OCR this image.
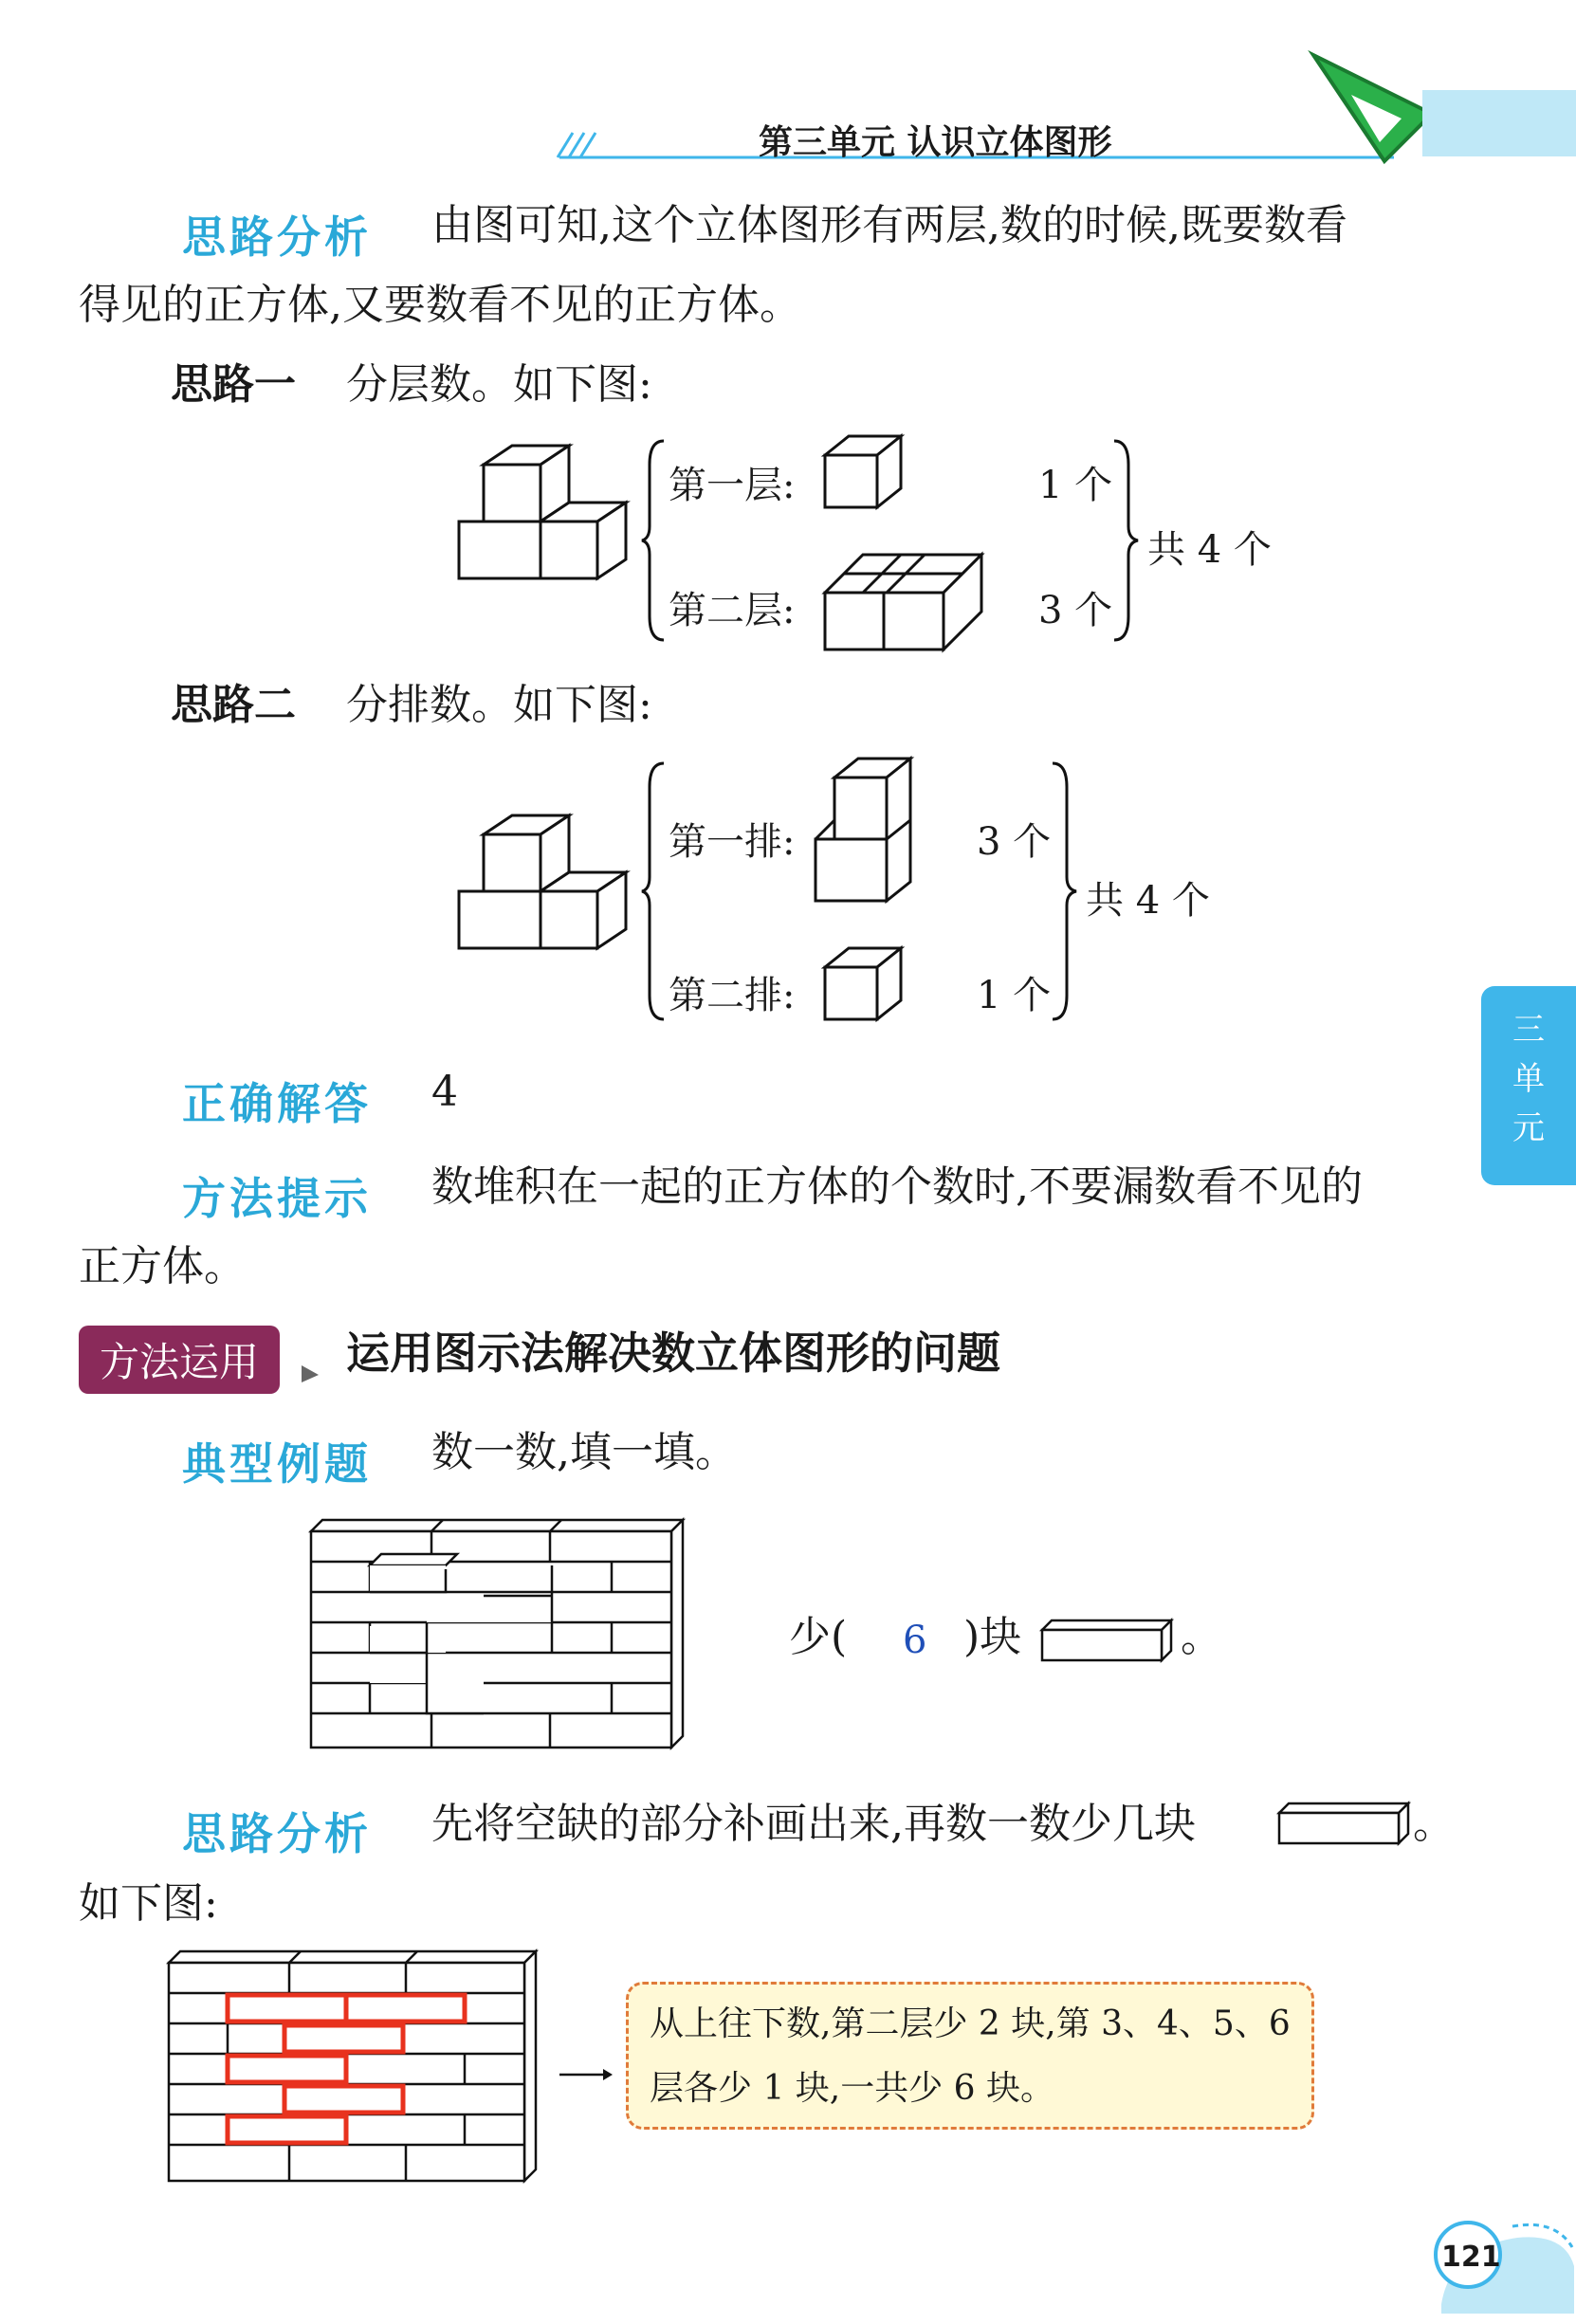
第三单元 认识立体图形
三
单
元
思路分析 由图可知,这个立体图形有两层,数的时候,既要数看
得见的正方体,又要数看不见的正方体。
思路一 分层数。如下图:
第一层:	1 个
第二层:	3 个
共 4 个
思路二 分排数。如下图:
第一排:	3 个
第二排:	1 个
共 4 个
正确解答 4
方法提示 数堆积在一起的正方体的个数时,不要漏数看不见的
正方体。
方法运用	运用图示法解决数立体图形的问题
典型例题 数一数,填一填。
少( 6 )块	。
思路分析 先将空缺的部分补画出来,再数一数少几块	。
如下图:
从上往下数,第二层少 2 块,第 3、4、5、6
层各少 1 块,一共少 6 块。
121
